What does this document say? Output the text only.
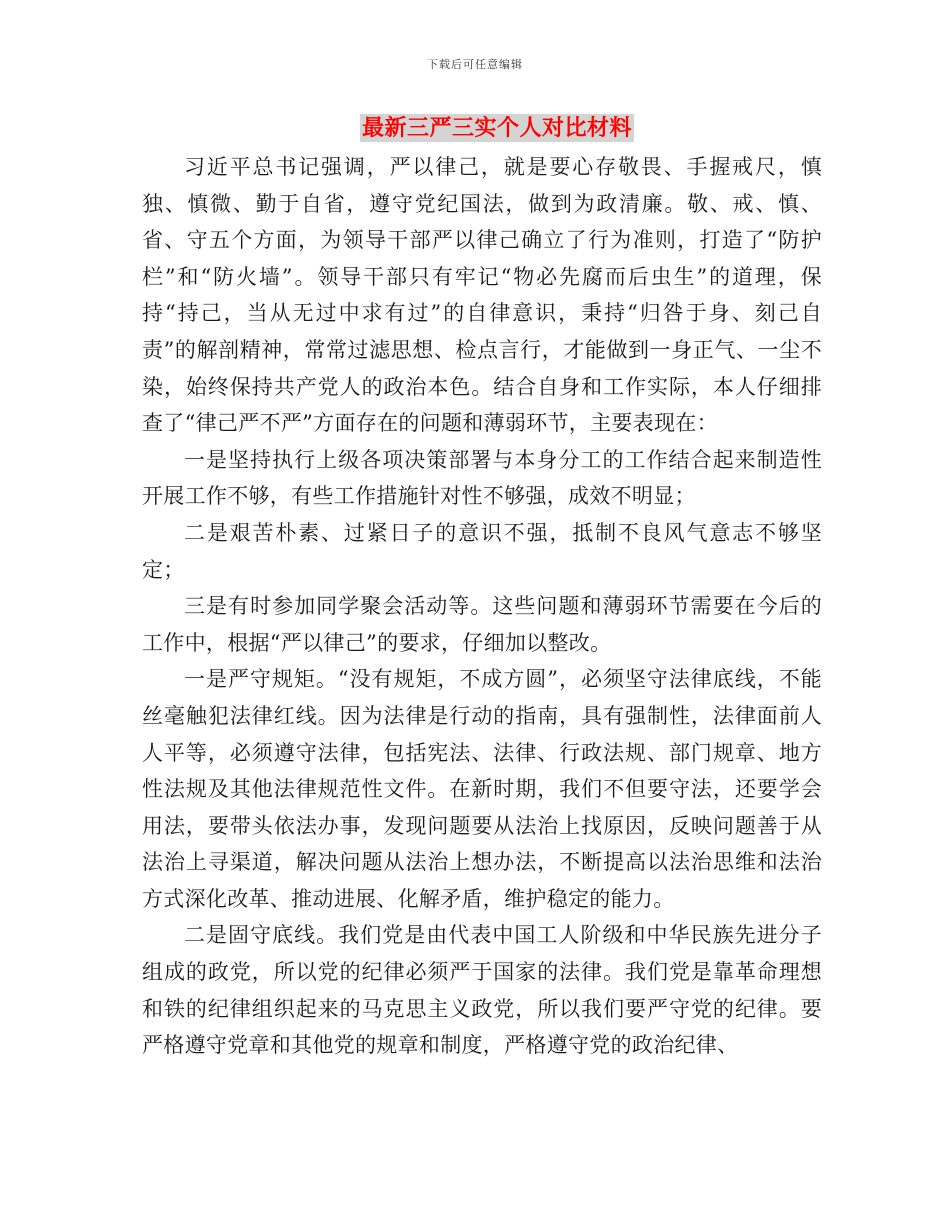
下载后可任意编辑
最新三严三实个人对比材料

习近平总书记强调，严以律己，就是要心存敬畏、手握戒尺，慎独、慎微、勤于自省，遵守党纪国法，做到为政清廉。敬、戒、慎、省、守五个方面，为领导干部严以律己确立了行为准则，打造了“防护栏”和“防火墙”。领导干部只有牢记“物必先腐而后虫生”的道理，保持“持己，当从无过中求有过”的自律意识，秉持“归咎于身、刻己自责”的解剖精神，常常过滤思想、检点言行，才能做到一身正气、一尘不染，始终保持共产党人的政治本色。结合自身和工作实际，本人仔细排查了“律己严不严”方面存在的问题和薄弱环节，主要表现在：

一是坚持执行上级各项决策部署与本身分工的工作结合起来制造性开展工作不够，有些工作措施针对性不够强，成效不明显；

二是艰苦朴素、过紧日子的意识不强，抵制不良风气意志不够坚定；

三是有时参加同学聚会活动等。这些问题和薄弱环节需要在今后的工作中，根据“严以律己”的要求，仔细加以整改。

一是严守规矩。“没有规矩，不成方圆”，必须坚守法律底线，不能丝毫触犯法律红线。因为法律是行动的指南，具有强制性，法律面前人人平等，必须遵守法律，包括宪法、法律、行政法规、部门规章、地方性法规及其他法律规范性文件。在新时期，我们不但要守法，还要学会用法，要带头依法办事，发现问题要从法治上找原因，反映问题善于从法治上寻渠道，解决问题从法治上想办法，不断提高以法治思维和法治方式深化改革、推动进展、化解矛盾，维护稳定的能力。

二是固守底线。我们党是由代表中国工人阶级和中华民族先进分子组成的政党，所以党的纪律必须严于国家的法律。我们党是靠革命理想和铁的纪律组织起来的马克思主义政党，所以我们要严守党的纪律。要严格遵守党章和其他党的规章和制度，严格遵守党的政治纪律、
